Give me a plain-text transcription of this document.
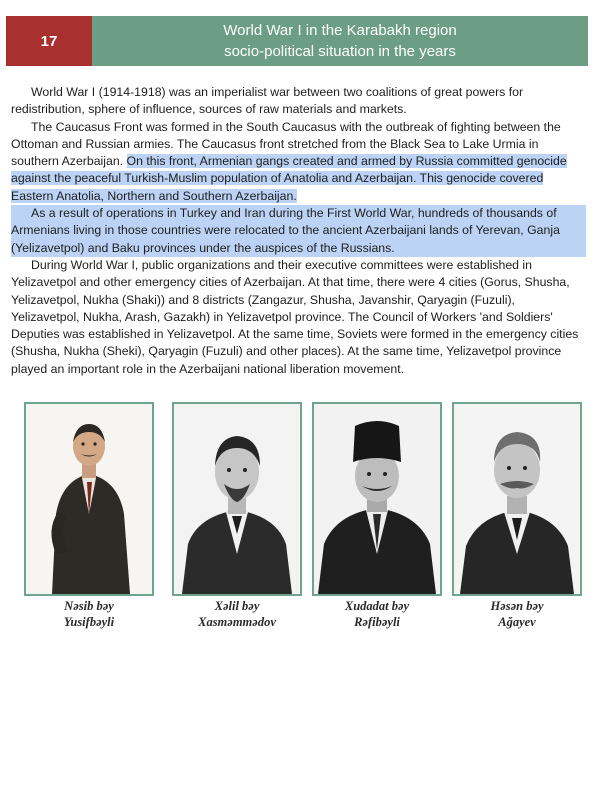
17
World War I in the Karabakh region
socio-political situation in the years

World War I (1914-1918) was an imperialist war between two coalitions of great powers for redistribution, sphere of influence, sources of raw materials and markets.

The Caucasus Front was formed in the South Caucasus with the outbreak of fighting between the Ottoman and Russian armies. The Caucasus front stretched from the Black Sea to Lake Urmia in southern Azerbaijan. On this front, Armenian gangs created and armed by Russia committed genocide against the peaceful Turkish-Muslim population of Anatolia and Azerbaijan. This genocide covered Eastern Anatolia, Northern and Southern Azerbaijan.

As a result of operations in Turkey and Iran during the First World War, hundreds of thousands of Armenians living in those countries were relocated to the ancient Azerbaijani lands of Yerevan, Ganja (Yelizavetpol) and Baku provinces under the auspices of the Russians.

During World War I, public organizations and their executive committees were established in Yelizavetpol and other emergency cities of Azerbaijan. At that time, there were 4 cities (Gorus, Shusha, Yelizavetpol, Nukha (Shaki)) and 8 districts (Zangazur, Shusha, Javanshir, Qaryagin (Fuzuli), Yelizavetpol, Nukha, Arash, Gazakh) in Yelizavetpol province. The Council of Workers 'and Soldiers' Deputies was established in Yelizavetpol. At the same time, Soviets were formed in the emergency cities (Shusha, Nukha (Sheki), Qaryagin (Fuzuli) and other places). At the same time, Yelizavetpol province played an important role in the Azerbaijani national liberation movement.

Nəsib bəy
Yusifbəyli
Xəlil bəy
Xasməmmədov
Xudadat bəy
Rəfibəyli
Həsən bəy
Ağayev
